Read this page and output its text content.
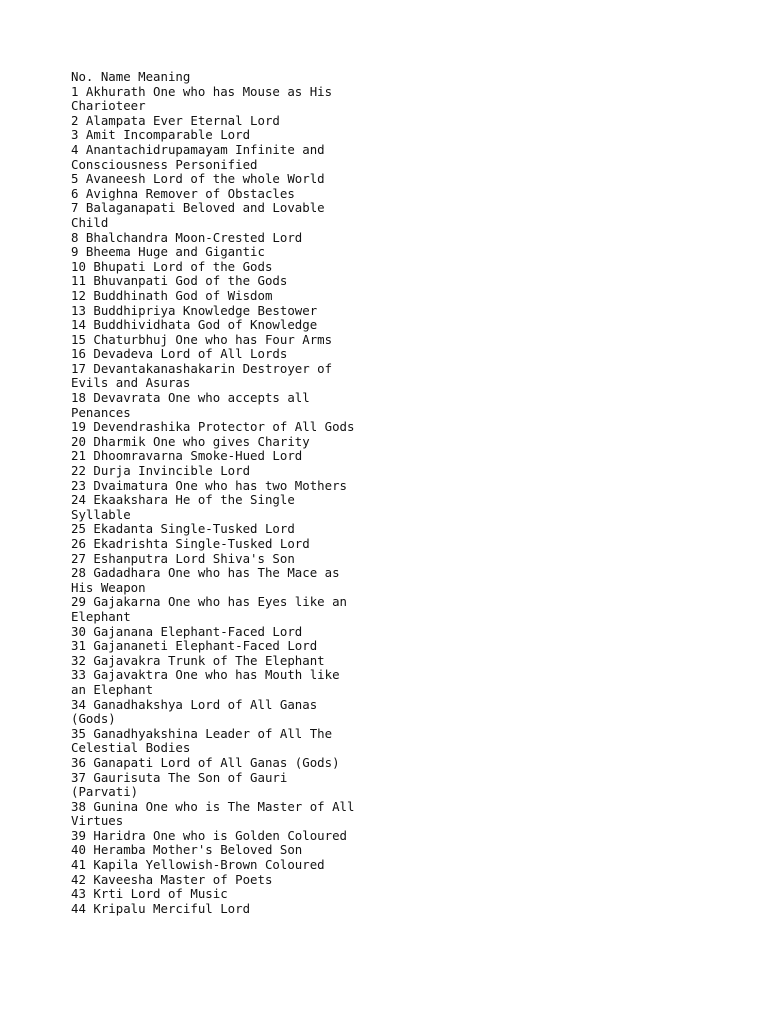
No. Name Meaning
1 Akhurath One who has Mouse as His
Charioteer
2 Alampata Ever Eternal Lord
3 Amit Incomparable Lord
4 Anantachidrupamayam Infinite and
Consciousness Personified
5 Avaneesh Lord of the whole World
6 Avighna Remover of Obstacles
7 Balaganapati Beloved and Lovable
Child
8 Bhalchandra Moon-Crested Lord
9 Bheema Huge and Gigantic
10 Bhupati Lord of the Gods
11 Bhuvanpati God of the Gods
12 Buddhinath God of Wisdom
13 Buddhipriya Knowledge Bestower
14 Buddhividhata God of Knowledge
15 Chaturbhuj One who has Four Arms
16 Devadeva Lord of All Lords
17 Devantakanashakarin Destroyer of
Evils and Asuras
18 Devavrata One who accepts all
Penances
19 Devendrashika Protector of All Gods
20 Dharmik One who gives Charity
21 Dhoomravarna Smoke-Hued Lord
22 Durja Invincible Lord
23 Dvaimatura One who has two Mothers
24 Ekaakshara He of the Single
Syllable
25 Ekadanta Single-Tusked Lord
26 Ekadrishta Single-Tusked Lord
27 Eshanputra Lord Shiva's Son
28 Gadadhara One who has The Mace as
His Weapon
29 Gajakarna One who has Eyes like an
Elephant
30 Gajanana Elephant-Faced Lord
31 Gajananeti Elephant-Faced Lord
32 Gajavakra Trunk of The Elephant
33 Gajavaktra One who has Mouth like
an Elephant
34 Ganadhakshya Lord of All Ganas
(Gods)
35 Ganadhyakshina Leader of All The
Celestial Bodies
36 Ganapati Lord of All Ganas (Gods)
37 Gaurisuta The Son of Gauri
(Parvati)
38 Gunina One who is The Master of All
Virtues
39 Haridra One who is Golden Coloured
40 Heramba Mother's Beloved Son
41 Kapila Yellowish-Brown Coloured
42 Kaveesha Master of Poets
43 Krti Lord of Music
44 Kripalu Merciful Lord
